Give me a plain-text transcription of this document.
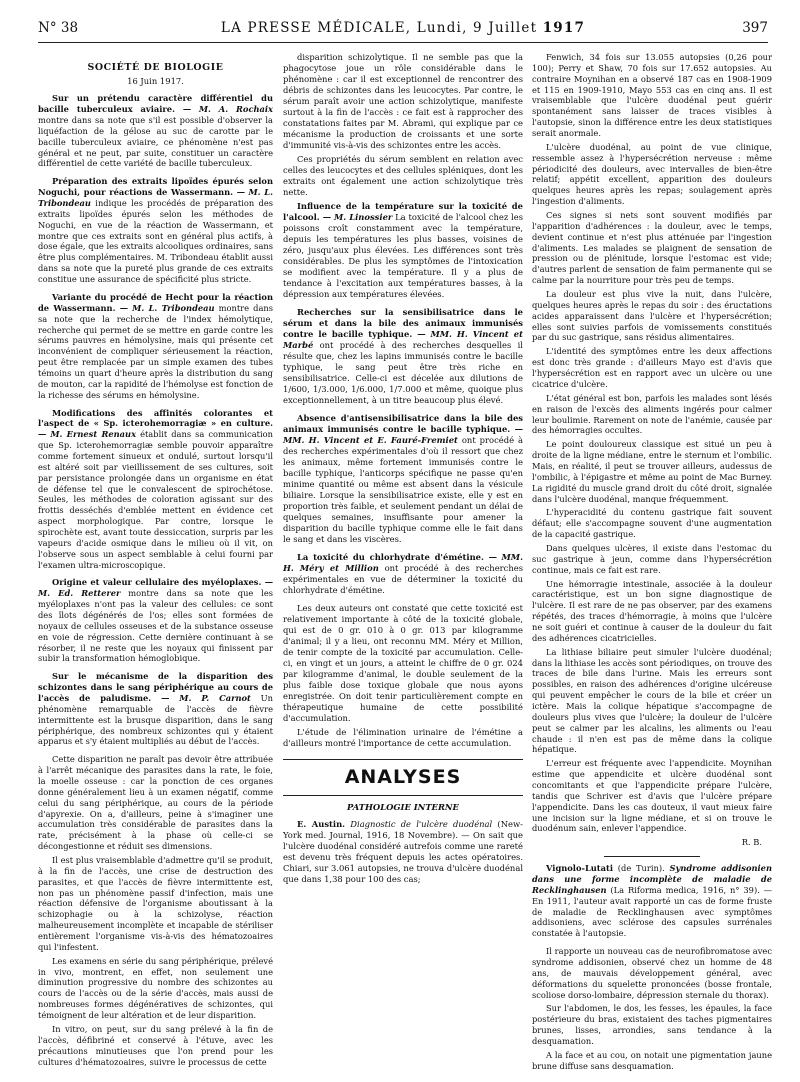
N° 38	LA PRESSE MÉDICALE, Lundi, 9 Juillet 1917	397
SOCIÉTÉ DE BIOLOGIE
16 Juin 1917.

Sur un prétendu caractère différentiel du bacille tuberculeux aviaire. — M. A. Rochaix montre dans sa note que s'il est possible d'observer la liquéfaction de la gélose au suc de carotte par le bacille tuberculeux aviaire, ce phénomène n'est pas général et ne peut, par suite, constituer un caractère différentiel de cette variété de bacille tuberculeux.

Préparation des extraits lipoïdes épurés selon Noguchi, pour réactions de Wassermann. — M. L. Tribondeau indique les procédés de préparation des extraits lipoïdes épurés selon les méthodes de Noguchi, en vue de la réaction de Wassermann, et montre que ces extraits sont en général plus actifs, à dose égale, que les extraits alcooliques ordinaires, sans être plus complémentaires. M. Tribondeau établit aussi dans sa note que la pureté plus grande de ces extraits constitue une assurance de spécificité plus stricte.

Variante du procédé de Hecht pour la réaction de Wassermann. — M. L. Tribondeau montre dans sa note que la recherche de l'index hémolytique, recherche qui permet de se mettre en garde contre les sérums pauvres en hémolysine, mais qui présente cet inconvénient de compliquer sérieusement la réaction, peut être remplacée par un simple examen des tubes témoins un quart d'heure après la distribution du sang de mouton, car la rapidité de l'hémolyse est fonction de la richesse des sérums en hémolysine.

Modifications des affinités colorantes et l'aspect de « Sp. icterohemorragiæ » en culture. — M. Ernest Renaux établit dans sa communication que Sp. icterohemorragiæ semble pouvoir apparaître comme fortement sinueux et ondulé, surtout lorsqu'il est altéré soit par vieillissement de ses cultures, soit par persistance prolongée dans un organisme en état de défense tel que le convalescent de spirochétose. Seules, les méthodes de coloration agissant sur des frottis desséchés d'emblée mettent en évidence cet aspect morphologique. Par contre, lorsque le spirochète est, avant toute dessiccation, surpris par les vapeurs d'acide osmique dans le milieu où il vit, on l'observe sous un aspect semblable à celui fourni par l'examen ultra-microscopique.

Origine et valeur cellulaire des myéloplaxes. — M. Ed. Retterer montre dans sa note que les myéloplaxes n'ont pas la valeur des cellules: ce sont des îlots dégénérés de l'os; elles sont formées de noyaux de cellules osseuses et de la substance osseuse en voie de régression. Cette dernière continuant à se résorber, il ne reste que les noyaux qui finissent par subir la transformation hémoglobique.

Sur le mécanisme de la disparition des schizontes dans le sang périphérique au cours de l'accès de paludisme. — M. P. Carnot Un phénomène remarquable de l'accès de fièvre intermittente est la brusque disparition, dans le sang périphérique, des nombreux schizontes qui y étaient apparus et s'y étaient multipliés au début de l'accès.

Cette disparition ne paraît pas devoir être attribuée à l'arrêt mécanique des parasites dans la rate, le foie, la moelle osseuse : car la ponction de ces organes donne généralement lieu à un examen négatif, comme celui du sang périphérique, au cours de la période d'apyrexie. On a, d'ailleurs, peine à s'imaginer une accumulation très considérable de parasites dans la rate, précisément à la phase où celle-ci se décongestionne et réduit ses dimensions.

Il est plus vraisemblable d'admettre qu'il se produit, à la fin de l'accès, une crise de destruction des parasites, et que l'accès de fièvre intermittente est, non pas un phénomène passif d'infection, mais une réaction défensive de l'organisme aboutissant à la schizophagie ou à la schizolyse, réaction malheureusement incomplète et incapable de stériliser entièrement l'organisme vis-à-vis des hématozoaires qui l'infestent.

Les examens en série du sang périphérique, prélevé in vivo, montrent, en effet, non seulement une diminution progressive du nombre des schizontes au cours de l'accès ou de la série d'accès, mais aussi de nombreuses formes dégénératives de schizontes, qui témoignent de leur altération et de leur disparition.

In vitro, on peut, sur du sang prélevé à la fin de l'accès, défibriné et conservé à l'étuve, avec les précautions minutieuses que l'on prend pour les cultures d'hématozoaires, suivre le processus de cette

disparition schizolytique. Il ne semble pas que la phagocytose joue un rôle considérable dans le phénomène : car il est exceptionnel de rencontrer des débris de schizontes dans les leucocytes. Par contre, le sérum paraît avoir une action schizolytique, manifeste surtout à la fin de l'accès : ce fait est à rapprocher des constatations faites par M. Abrami, qui explique par ce mécanisme la production de croissants et une sorte d'immunité vis-à-vis des schizontes entre les accès.

Ces propriétés du sérum semblent en relation avec celles des leucocytes et des cellules spléniques, dont les extraits ont également une action schizolytique très nette.

Influence de la température sur la toxicité de l'alcool. — M. Linossier La toxicité de l'alcool chez les poissons croît constamment avec la température, depuis les températures les plus basses, voisines de zéro, jusqu'aux plus élevées. Les différences sont très considérables. De plus les symptômes de l'intoxication se modifient avec la température. Il y a plus de tendance à l'excitation aux températures basses, à la dépression aux températures élevées.

Recherches sur la sensibilisatrice dans le sérum et dans la bile des animaux immunisés contre le bacille typhique. — MM. H. Vincent et Marbé ont procédé à des recherches desquelles il résulte que, chez les lapins immunisés contre le bacille typhique, le sang peut être très riche en sensibilisatrice. Celle-ci est décelée aux dilutions de 1/600, 1/3.000, 1/6.000, 1/7.000 et même, quoique plus exceptionnellement, à un titre beaucoup plus élevé.

Absence d'antisensibilisatrice dans la bile des animaux immunisés contre le bacille typhique. — MM. H. Vincent et E. Fauré-Fremiet ont procédé à des recherches expérimentales d'où il ressort que chez les animaux, même fortement immunisés contre le bacille typhique, l'anticorps spécifique ne passe qu'en minime quantité ou même est absent dans la vésicule biliaire. Lorsque la sensibilisatrice existe, elle y est en proportion très faible, et seulement pendant un délai de quelques semaines, insuffisante pour amener la disparition du bacille typhique comme elle le fait dans le sang et dans les viscères.

La toxicité du chlorhydrate d'émétine. — MM. H. Méry et Million ont procédé à des recherches expérimentales en vue de déterminer la toxicité du chlorhydrate d'émétine.

Les deux auteurs ont constaté que cette toxicité est relativement importante à côté de la toxicité globale, qui est de 0 gr. 010 à 0 gr. 013 par kilogramme d'animal; il y a lieu, ont reconnu MM. Méry et Million, de tenir compte de la toxicité par accumulation. Celle-ci, en vingt et un jours, a atteint le chiffre de 0 gr. 024 par kilogramme d'animal, le double seulement de la plus faible dose toxique globale que nous ayons enregistrée. On doit tenir particulièrement compte en thérapeutique humaine de cette possibilité d'accumulation.

L'étude de l'élimination urinaire de l'émétine a d'ailleurs montré l'importance de cette accumulation.

ANALYSES
PATHOLOGIE INTERNE

E. Austin. Diagnostic de l'ulcère duodénal (New-York med. Journal, 1916, 18 Novembre). — On sait que l'ulcère duodénal considéré autrefois comme une rareté est devenu très fréquent depuis les actes opératoires. Chiari, sur 3.061 autopsies, ne trouva d'ulcère duodénal que dans 1,38 pour 100 des cas;

Fenwich, 34 fois sur 13.055 autopsies (0,26 pour 100); Perry et Shaw, 70 fois sur 17.652 autopsies. Au contraire Moynihan en a observé 187 cas en 1908-1909 et 115 en 1909-1910, Mayo 553 cas en cinq ans. Il est vraisemblable que l'ulcère duodénal peut guérir spontanément sans laisser de traces visibles à l'autopsie, sinon la différence entre les deux statistiques serait anormale.

L'ulcère duodénal, au point de vue clinique, ressemble assez à l'hypersécrétion nerveuse : même périodicité des douleurs, avec intervalles de bien-être relatif; appétit excellent, apparition des douleurs quelques heures après les repas; soulagement après l'ingestion d'aliments.

Ces signes si nets sont souvent modifiés par l'apparition d'adhérences : la douleur, avec le temps, devient continue et n'est plus atténuée par l'ingestion d'aliments. Les malades se plaignent de sensation de pression ou de plénitude, lorsque l'estomac est vide; d'autres parlent de sensation de faim permanente qui se calme par la nourriture pour très peu de temps.

La douleur est plus vive la nuit, dans l'ulcère, quelques heures après le repas du soir : des éructations acides apparaissent dans l'ulcère et l'hypersécrétion; elles sont suivies parfois de vomissements constitués par du suc gastrique, sans résidus alimentaires.

L'identité des symptômes entre les deux affections est donc très grande : d'ailleurs Mayo est d'avis que l'hypersécrétion est en rapport avec un ulcère ou une cicatrice d'ulcère.

L'état général est bon, parfois les malades sont lésés en raison de l'excès des aliments ingérés pour calmer leur boulimie. Rarement on note de l'anémie, causée par des hémorragies occultes.

Le point douloureux classique est situé un peu à droite de la ligne médiane, entre le sternum et l'ombilic. Mais, en réalité, il peut se trouver ailleurs, audessus de l'ombilic, à l'épigastre et même au point de Mac Burney. La rigidité du muscle grand droit du côté droit, signalée dans l'ulcère duodénal, manque fréquemment.

L'hyperacidité du contenu gastrique fait souvent défaut; elle s'accompagne souvent d'une augmentation de la capacité gastrique.

Dans quelques ulcères, il existe dans l'estomac du suc gastrique à jeun, comme dans l'hypersécrétion continue, mais ce fait est rare.

Une hémorragie intestinale, associée à la douleur caractéristique, est un bon signe diagnostique de l'ulcère. Il est rare de ne pas observer, par des examens répétés, des traces d'hémorragie, à moins que l'ulcère ne soit guéri et continue à causer de la douleur du fait des adhérences cicatricielles.

La lithiase biliaire peut simuler l'ulcère duodénal; dans la lithiase les accès sont périodiques, on trouve des traces de bile dans l'urine. Mais les erreurs sont possibles, en raison des adhérences d'origine ulcéreuse qui peuvent empêcher le cours de la bile et créer un ictère. Mais la colique hépatique s'accompagne de douleurs plus vives que l'ulcère; la douleur de l'ulcère peut se calmer par les alcalins, les aliments ou l'eau chaude : il n'en est pas de même dans la colique hépatique.

L'erreur est fréquente avec l'appendicite. Moynihan estime que appendicite et ulcère duodénal sont concomitants et que l'appendicite prépare l'ulcère, tandis que Schriver est d'avis que l'ulcère prépare l'appendicite. Dans les cas douteux, il vaut mieux faire une incision sur la ligne médiane, et si on trouve le duodénum sain, enlever l'appendice.

R. B.

Vignolo-Lutati (de Turin). Syndrome addisonien dans une forme incomplète de maladie de Recklinghausen (La Riforma medica, 1916, n° 39). — En 1911, l'auteur avait rapporté un cas de forme fruste de maladie de Recklinghausen avec symptômes addisoniens, avec sclérose des capsules surrénales constatée à l'autopsie.

Il rapporte un nouveau cas de neurofibromatose avec syndrome addisonien, observé chez un homme de 48 ans, de mauvais développement général, avec déformations du squelette prononcées (bosse frontale, scoliose dorso-lombaire, dépression sternale du thorax).

Sur l'abdomen, le dos, les fesses, les épaules, la face postérieure du bras, existaient des taches pigmentaires brunes, lisses, arrondies, sans tendance à la desquamation.

A la face et au cou, on notait une pigmentation jaune brune diffuse sans desquamation.
